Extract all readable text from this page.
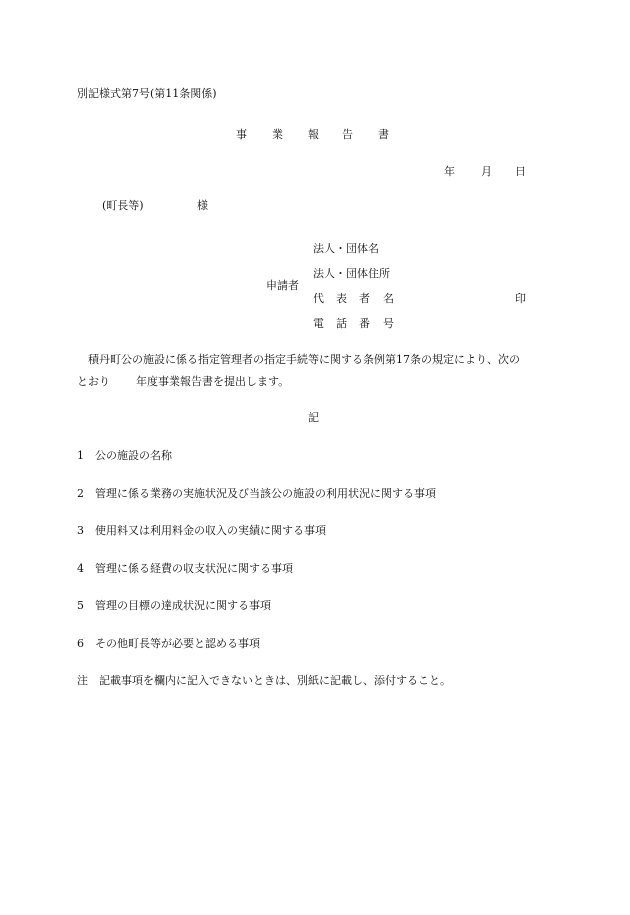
別記様式第7号(第11条関係)
事 業 報 告 書
年 月 日
(町長等)	様
申請者
法人・団体名
法人・団体住所
代 表 者 名	印
電 話 番 号
積丹町公の施設に係る指定管理者の指定手続等に関する条例第17条の規定により、次の
とおり 年度事業報告書を提出します。
記
1 公の施設の名称
2 管理に係る業務の実施状況及び当該公の施設の利用状況に関する事項
3 使用料又は利用料金の収入の実績に関する事項
4 管理に係る経費の収支状況に関する事項
5 管理の目標の達成状況に関する事項
6 その他町長等が必要と認める事項
注 記載事項を欄内に記入できないときは、別紙に記載し、添付すること。
